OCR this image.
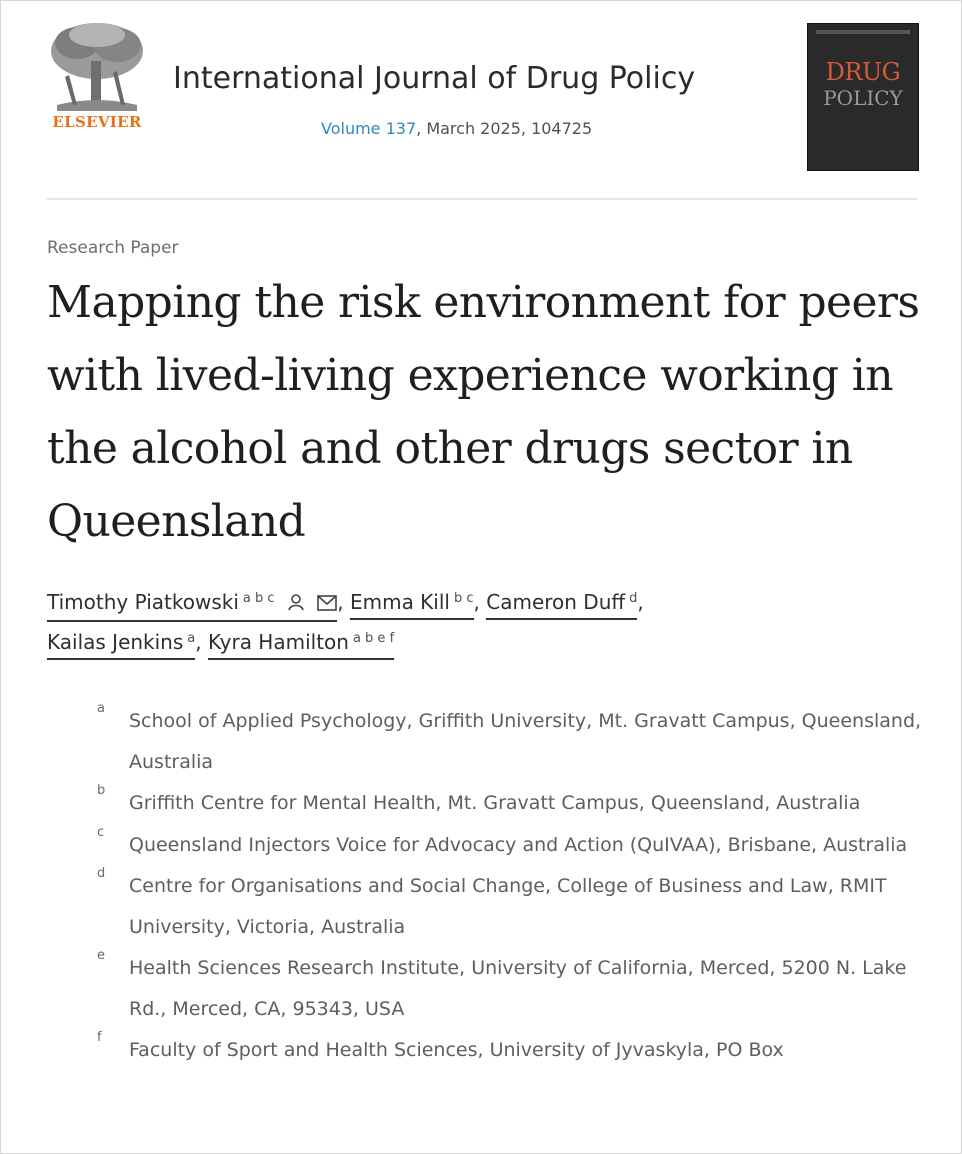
ELSEVIER
International Journal of Drug Policy
Volume 137, March 2025, 104725
DRUG
POLICY
Research Paper
Mapping the risk environment for peers with lived-living experience working in the alcohol and other drugs sector in Queensland
Timothy Piatkowski $^{a b c}$	, Emma Kill $^{b c}$, Cameron Duff $^d$,
Kailas Jenkins $^a$, Kyra Hamilton $^{a b e f}$
a
School of Applied Psychology, Griffith University, Mt. Gravatt Campus, Queensland, Australia
b
Griffith Centre for Mental Health, Mt. Gravatt Campus, Queensland, Australia
c
Queensland Injectors Voice for Advocacy and Action (QuIVAA), Brisbane, Australia
d
Centre for Organisations and Social Change, College of Business and Law, RMIT University, Victoria, Australia
e
Health Sciences Research Institute, University of California, Merced, 5200 N. Lake Rd., Merced, CA, 95343, USA
f
Faculty of Sport and Health Sciences, University of Jyvaskyla, PO Box
